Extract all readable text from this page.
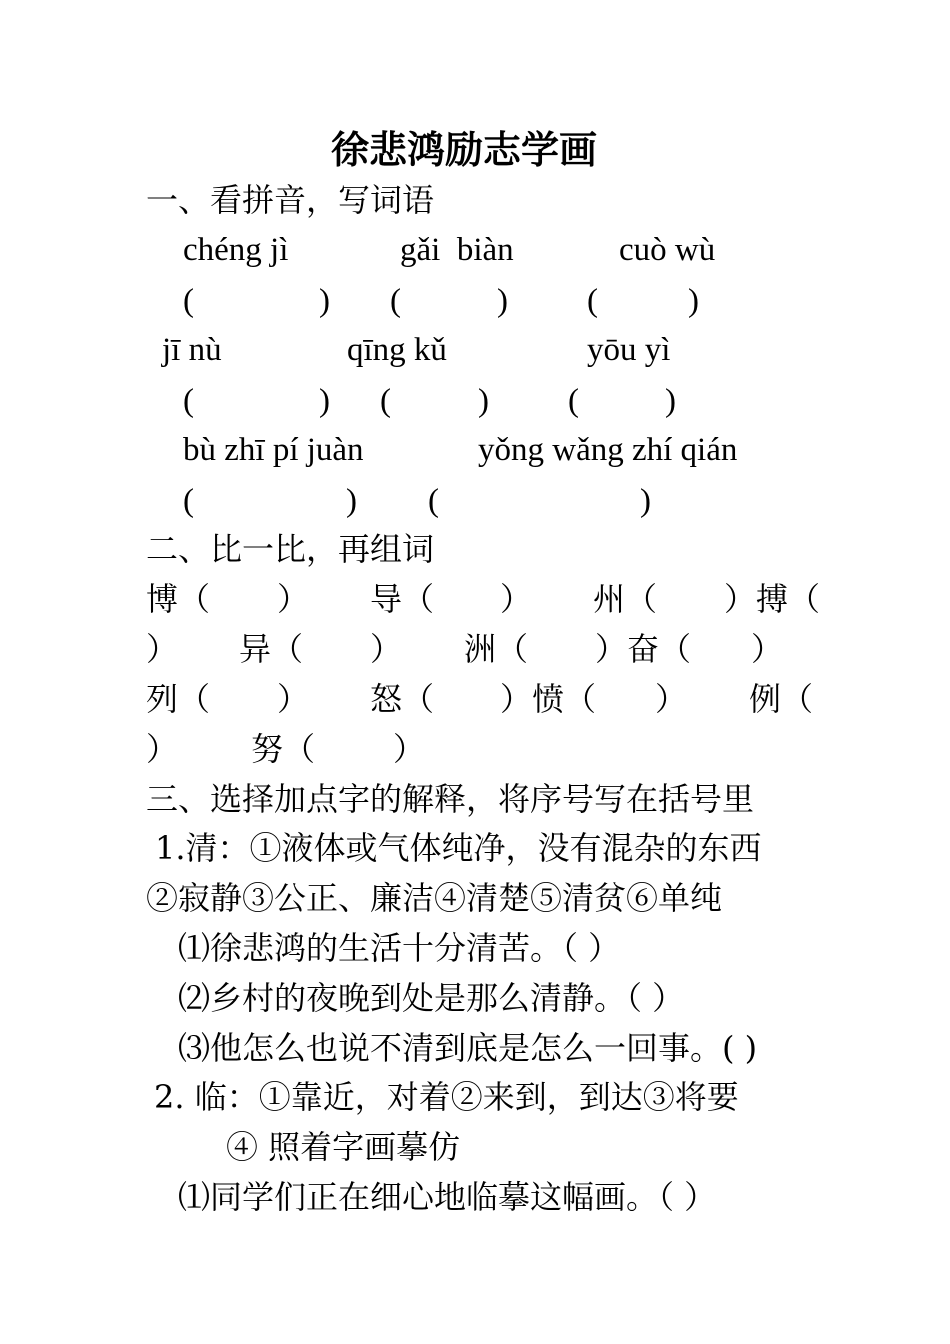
徐悲鸿励志学画
一、看拼音，写词语
chéng jì	gǎi  biàn	cuò wù
(	) (	) (	)
jī nù	qīng kǔ	yōu yì
(	) (	) (	)
bù zhī pí juàn	yǒng wǎng zhí qián
(	) (	)
二、比一比，再组词
博（ ） 导（ ） 州（ ）搏（
） 异（ ） 洲（ ）奋（ ）
列（ ） 怒（ ）愤（ ） 例（
） 努（ ）
三、选择加点字的解释，将序号写在括号里
1.清：①液体或气体纯净，没有混杂的东西
②寂静③公正、廉洁④清楚⑤清贫⑥单纯
⑴徐悲鸿的生活十分清苦。（ ）
⑵乡村的夜晚到处是那么清静。（ ）
⑶他怎么也说不清到底是怎么一回事。( )
2. 临：①靠近，对着②来到，到达③将要
④ 照着字画摹仿
⑴同学们正在细心地临摹这幅画。（ ）
